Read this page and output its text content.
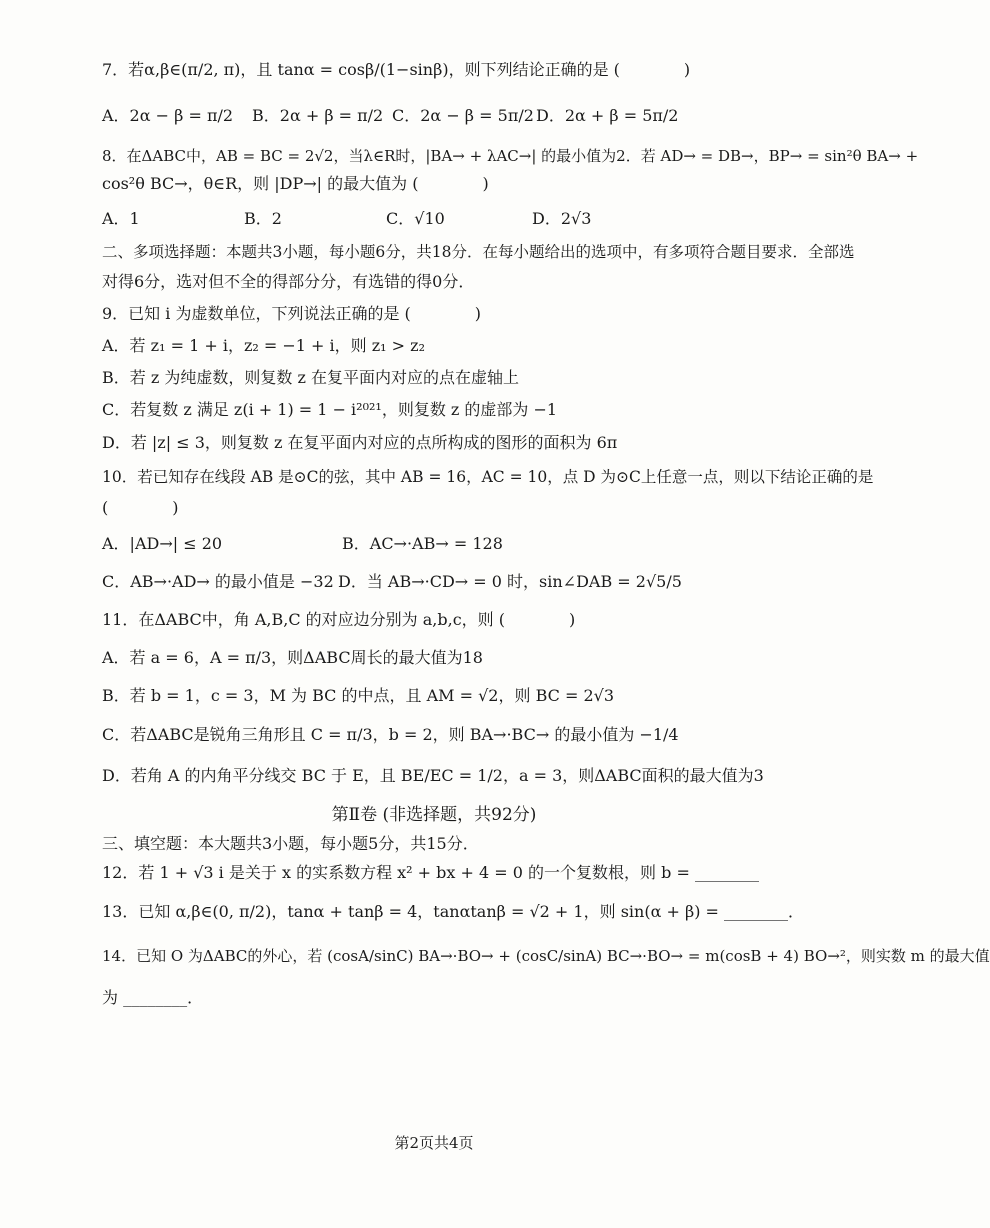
7．若α,β∈(π/2, π)，且 tanα = cosβ/(1−sinβ)，则下列结论正确的是 (　　　　)
A．2α − β = π/2 B．2α + β = π/2 C．2α − β = 5π/2 D．2α + β = 5π/2
8．在ΔABC中，AB = BC = 2√2，当λ∈R时，|BA→ + λAC→| 的最小值为2．若 AD→ = DB→，BP→ = sin²θ BA→ +
cos²θ BC→，θ∈R，则 |DP→| 的最大值为 (　　　　)
A．1	B．2	C．√10	D．2√3
二、多项选择题：本题共3小题，每小题6分，共18分．在每小题给出的选项中，有多项符合题目要求．全部选
对得6分，选对但不全的得部分分，有选错的得0分．
9．已知 i 为虚数单位，下列说法正确的是 (　　　　)
A．若 z₁ = 1 + i，z₂ = −1 + i，则 z₁ > z₂
B．若 z 为纯虚数，则复数 z 在复平面内对应的点在虚轴上
C．若复数 z 满足 z(i + 1) = 1 − i²⁰²¹，则复数 z 的虚部为 −1
D．若 |z| ≤ 3，则复数 z 在复平面内对应的点所构成的图形的面积为 6π
10．若已知存在线段 AB 是⊙C的弦，其中 AB = 16，AC = 10，点 D 为⊙C上任意一点，则以下结论正确的是
(　　　　)
A．|AD→| ≤ 20	B．AC→·AB→ = 128
C．AB→·AD→ 的最小值是 −32 D．当 AB→·CD→ = 0 时，sin∠DAB = 2√5/5
11．在ΔABC中，角 A,B,C 的对应边分别为 a,b,c，则 (　　　　)
A．若 a = 6，A = π/3，则ΔABC周长的最大值为18
B．若 b = 1，c = 3，M 为 BC 的中点，且 AM = √2，则 BC = 2√3
C．若ΔABC是锐角三角形且 C = π/3，b = 2，则 BA→·BC→ 的最小值为 −1/4
D．若角 A 的内角平分线交 BC 于 E，且 BE/EC = 1/2，a = 3，则ΔABC面积的最大值为3
第Ⅱ卷 (非选择题，共92分)
三、填空题：本大题共3小题，每小题5分，共15分．
12．若 1 + √3 i 是关于 x 的实系数方程 x² + bx + 4 = 0 的一个复数根，则 b = ________
13．已知 α,β∈(0, π/2)，tanα + tanβ = 4，tanαtanβ = √2 + 1，则 sin(α + β) = ________．
14．已知 O 为ΔABC的外心，若 (cosA/sinC) BA→·BO→ + (cosC/sinA) BC→·BO→ = m(cosB + 4) BO→²，则实数 m 的最大值
为 ________．
第2页共4页
